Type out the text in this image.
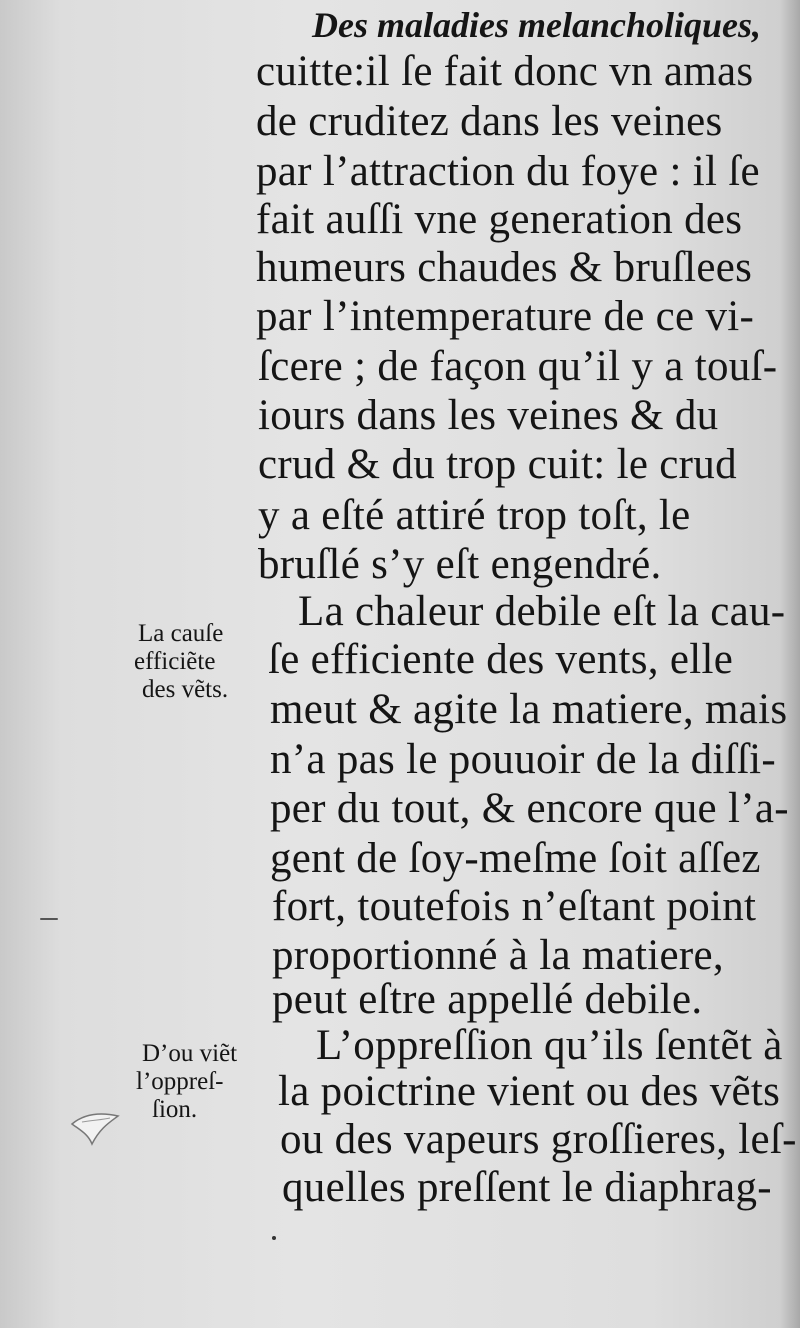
Des maladies melancholiques,
cuitte:il ſe fait donc vn amas
de cruditez dans les veines
par l’attraction du foye : il ſe
fait auſſi vne generation des
humeurs chaudes & bruſlees
par l’intemperature de ce vi-
ſcere ; de façon qu’il y a touſ-
iours dans les veines & du
crud & du trop cuit: le crud
y a eſté attiré trop toſt, le
bruſlé s’y eſt engendré.
La chaleur debile eſt la cau-
ſe efficiente des vents, elle
meut & agite la matiere, mais
n’a pas le pouuoir de la diſſi-
per du tout, & encore que l’a-
gent de ſoy-meſme ſoit aſſez
fort, toutefois n’eſtant point
proportionné à la matiere,
peut eſtre appellé debile.
L’oppreſſion qu’ils ſentẽt à
la poictrine vient ou des vẽts
ou des vapeurs groſſieres, leſ-
quelles preſſent le diaphrag-
La cauſe
efficiẽte
des vẽts.
D’ou viẽt
l’oppreſ-
ſion.
